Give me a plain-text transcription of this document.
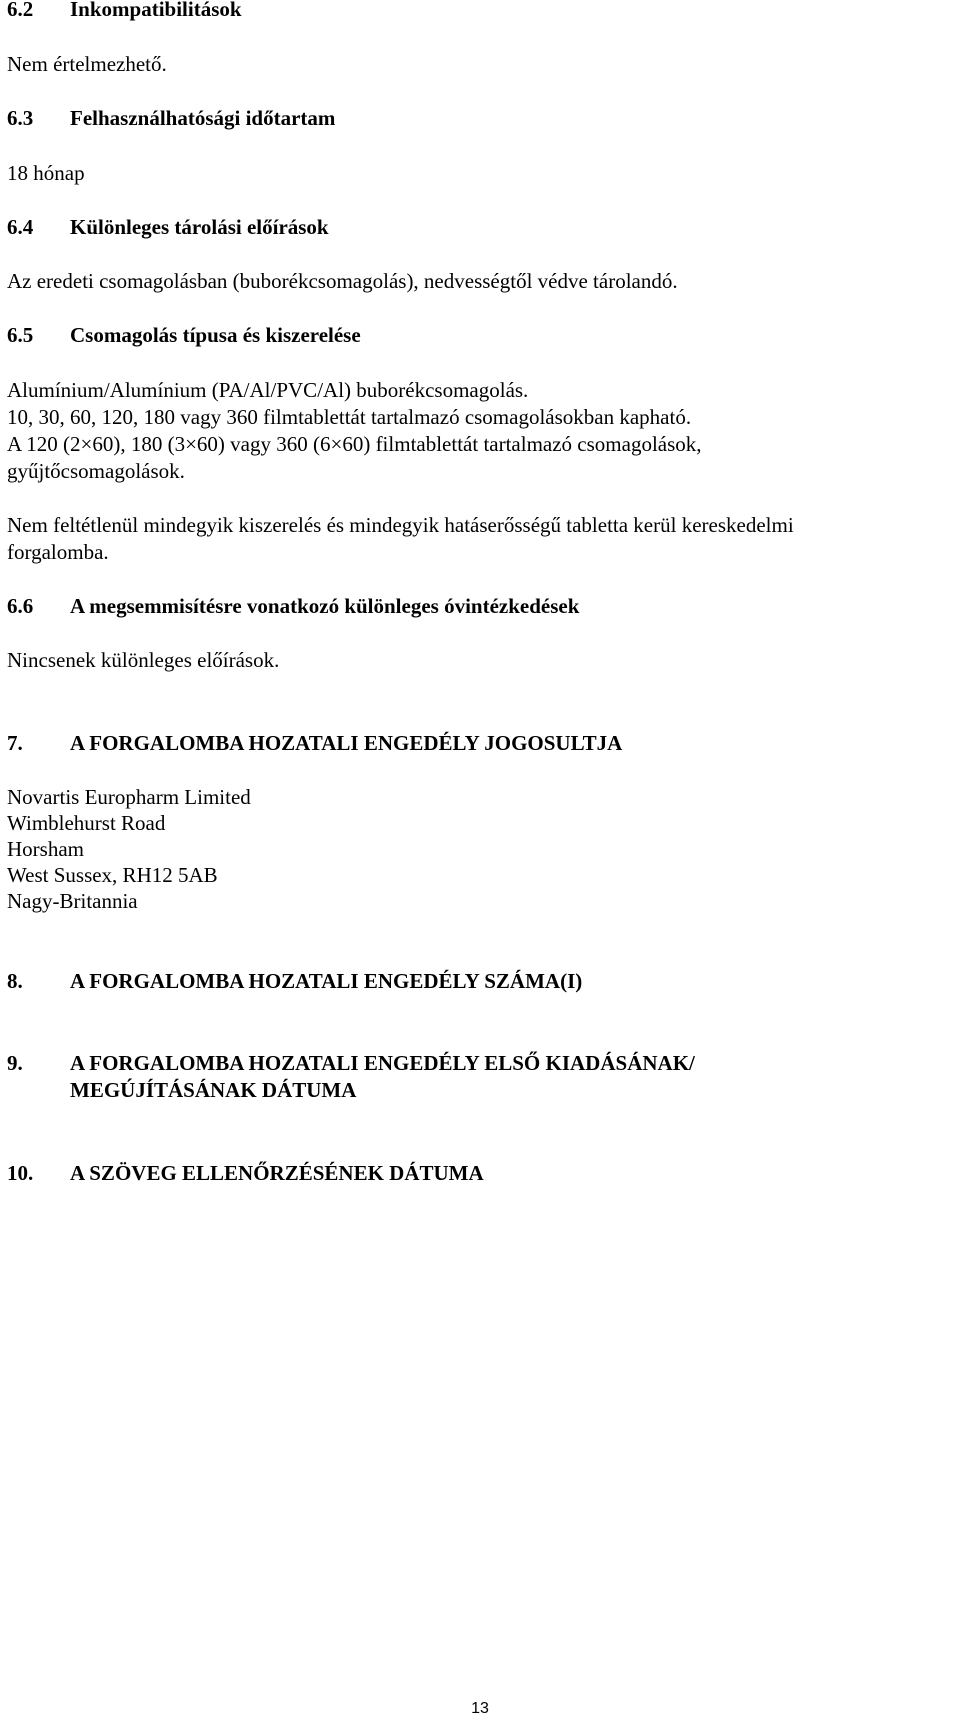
6.2 Inkompatibilitások
Nem értelmezhető.
6.3 Felhasználhatósági időtartam
18 hónap
6.4 Különleges tárolási előírások
Az eredeti csomagolásban (buborékcsomagolás), nedvességtől védve tárolandó.
6.5 Csomagolás típusa és kiszerelése
Alumínium/Alumínium (PA/Al/PVC/Al) buborékcsomagolás.
10, 30, 60, 120, 180 vagy 360 filmtablettát tartalmazó csomagolásokban kapható.
A 120 (2×60), 180 (3×60) vagy 360 (6×60) filmtablettát tartalmazó csomagolások,
gyűjtőcsomagolások.
Nem feltétlenül mindegyik kiszerelés és mindegyik hatáserősségű tabletta kerül kereskedelmi
forgalomba.
6.6 A megsemmisítésre vonatkozó különleges óvintézkedések
Nincsenek különleges előírások.
7. A FORGALOMBA HOZATALI ENGEDÉLY JOGOSULTJA
Novartis Europharm Limited
Wimblehurst Road
Horsham
West Sussex, RH12 5AB
Nagy-Britannia
8. A FORGALOMBA HOZATALI ENGEDÉLY SZÁMA(I)
9. A FORGALOMBA HOZATALI ENGEDÉLY ELSŐ KIADÁSÁNAK/
MEGÚJÍTÁSÁNAK DÁTUMA
10. A SZÖVEG ELLENŐRZÉSÉNEK DÁTUMA
13
